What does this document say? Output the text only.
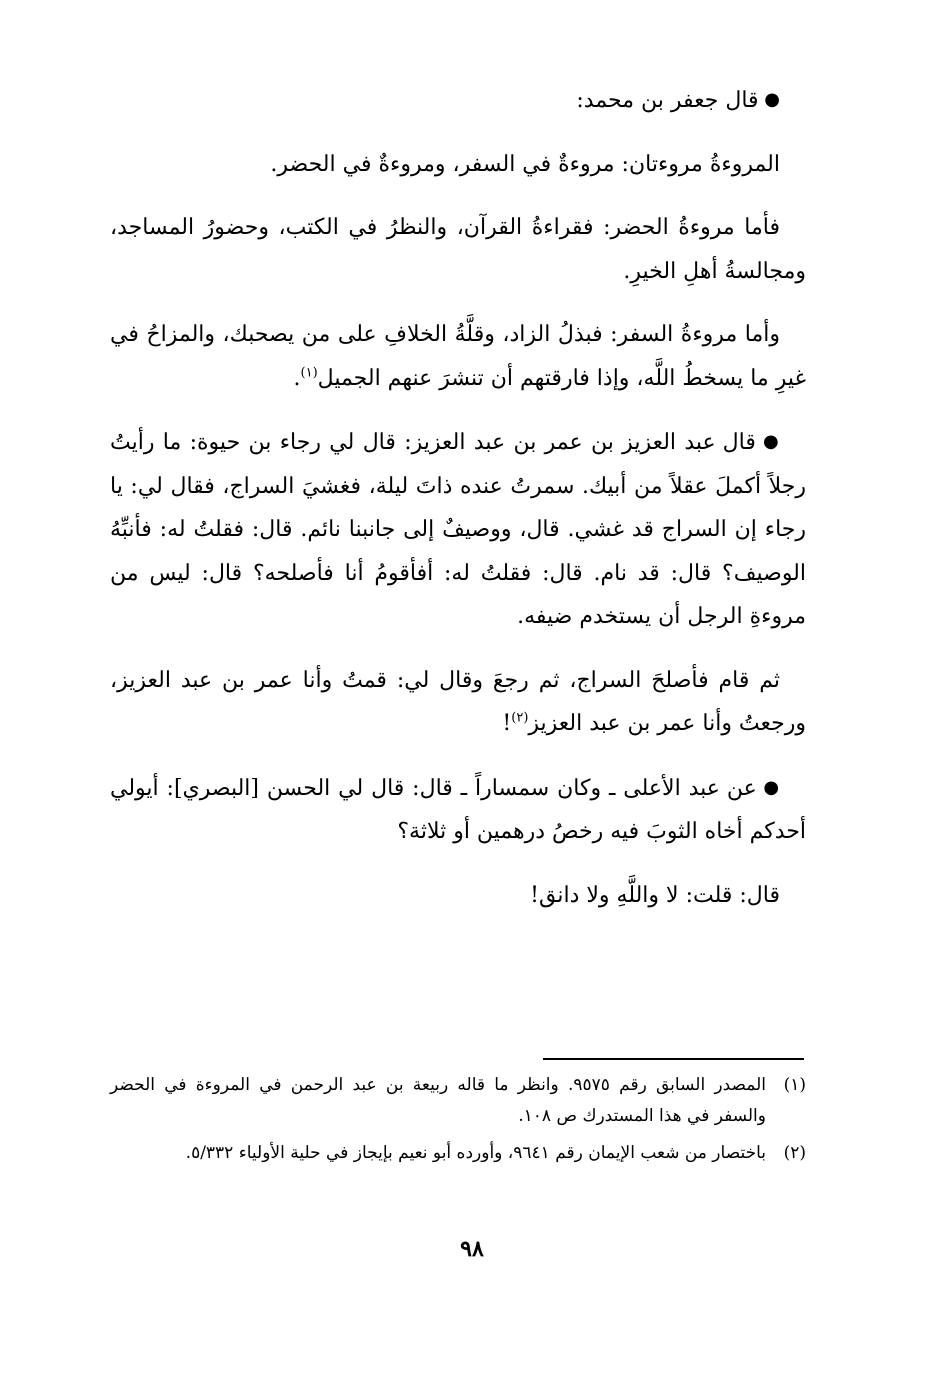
● قال جعفر بن محمد:

المروءةُ مروءتان: مروءةٌ في السفر، ومروءةٌ في الحضر.

فأما مروءةُ الحضر: فقراءةُ القرآن، والنظرُ في الكتب، وحضورُ المساجد، ومجالسةُ أهلِ الخيرِ.

وأما مروءةُ السفر: فبذلُ الزاد، وقلَّةُ الخلافِ على من يصحبك، والمزاحُ في غيرِ ما يسخطُ اللَّه، وإذا فارقتهم أن تنشرَ عنهم الجميل$^{(١)}$.

● قال عبد العزيز بن عمر بن عبد العزيز: قال لي رجاء بن حيوة: ما رأيتُ رجلاً أكملَ عقلاً من أبيك. سمرتُ عنده ذاتَ ليلة، فغشيَ السراج، فقال لي: يا رجاء إن السراج قد غشي. قال، ووصيفٌ إلى جانبنا نائم. قال: فقلتُ له: فأنبِّهُ الوصيف؟ قال: قد نام. قال: فقلتُ له: أفأقومُ أنا فأصلحه؟ قال: ليس من مروءةِ الرجل أن يستخدم ضيفه.

ثم قام فأصلحَ السراج، ثم رجعَ وقال لي: قمتُ وأنا عمر بن عبد العزيز، ورجعتُ وأنا عمر بن عبد العزيز$^{(٢)}$!

● عن عبد الأعلى ـ وكان سمساراً ـ قال: قال لي الحسن [البصري]: أيولي أحدكم أخاه الثوبَ فيه رخصُ درهمين أو ثلاثة؟

قال: قلت: لا واللَّهِ ولا دانق!

(١)
المصدر السابق رقم ٩٥٧٥. وانظر ما قاله ربيعة بن عبد الرحمن في المروءة في الحضر والسفر في هذا المستدرك ص ١٠٨.
(٢)
باختصار من شعب الإيمان رقم ٩٦٤١، وأورده أبو نعيم بإيجاز في حلية الأولياء ٥/٣٣٢.
٩٨
